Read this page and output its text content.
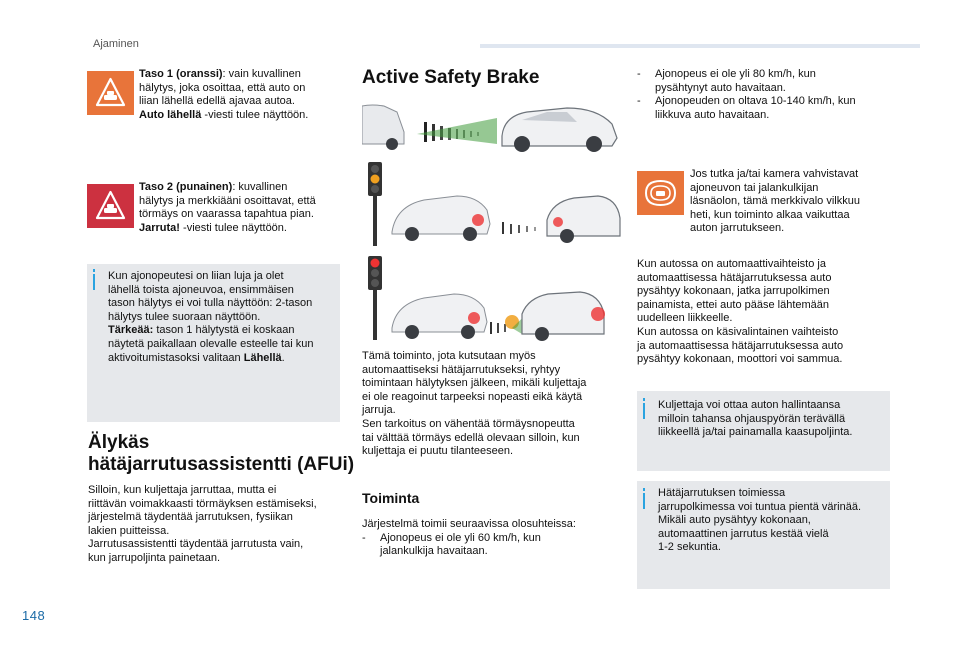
Ajaminen
Taso 1 (oranssi): vain kuvallinen
hälytys, joka osoittaa, että auto on
liian lähellä edellä ajavaa autoa.
Auto lähellä -viesti tulee näyttöön.
Taso 2 (punainen): kuvallinen
hälytys ja merkkiääni osoittavat, että
törmäys on vaarassa tapahtua pian.
Jarruta! -viesti tulee näyttöön.
Kun ajonopeutesi on liian luja ja olet
lähellä toista ajoneuvoa, ensimmäisen
tason hälytys ei voi tulla näyttöön: 2-tason
hälytys tulee suoraan näyttöön.
Tärkeää: tason 1 hälytystä ei koskaan
näytetä paikallaan olevalle esteelle tai kun
aktivoitumistasoksi valitaan Lähellä.
Älykäs
hätäjarrutusassistentti (AFUi)
Silloin, kun kuljettaja jarruttaa, mutta ei
riittävän voimakkaasti törmäyksen estämiseksi,
järjestelmä täydentää jarrutuksen, fysiikan
lakien puitteissa.
Jarrutusassistentti täydentää jarrutusta vain,
kun jarrupoljinta painetaan.
Active Safety Brake
Tämä toiminto, jota kutsutaan myös
automaattiseksi hätäjarrutukseksi, ryhtyy
toimintaan hälytyksen jälkeen, mikäli kuljettaja
ei ole reagoinut tarpeeksi nopeasti eikä käytä
jarruja.
Sen tarkoitus on vähentää törmäysnopeutta
tai välttää törmäys edellä olevaan silloin, kun
kuljettaja ei puutu tilanteeseen.
Toiminta
Järjestelmä toimii seuraavissa olosuhteissa:
- Ajonopeus ei ole yli 60 km/h, kun
jalankulkija havaitaan.
- Ajonopeus ei ole yli 80 km/h, kun
pysähtynyt auto havaitaan.
- Ajonopeuden on oltava 10-140 km/h, kun
liikkuva auto havaitaan.
Jos tutka ja/tai kamera vahvistavat
ajoneuvon tai jalankulkijan
läsnäolon, tämä merkkivalo vilkkuu
heti, kun toiminto alkaa vaikuttaa
auton jarrutukseen.
Kun autossa on automaattivaihteisto ja
automaattisessa hätäjarrutuksessa auto
pysähtyy kokonaan, jatka jarrupolkimen
painamista, ettei auto pääse lähtemään
uudelleen liikkeelle.
Kun autossa on käsivalintainen vaihteisto
ja automaattisessa hätäjarrutuksessa auto
pysähtyy kokonaan, moottori voi sammua.
Kuljettaja voi ottaa auton hallintaansa
milloin tahansa ohjauspyörän terävällä
liikkeellä ja/tai painamalla kaasupoljinta.
Hätäjarrutuksen toimiessa
jarrupolkimessa voi tuntua pientä värinää.
Mikäli auto pysähtyy kokonaan,
automaattinen jarrutus kestää vielä
1-2 sekuntia.
148
